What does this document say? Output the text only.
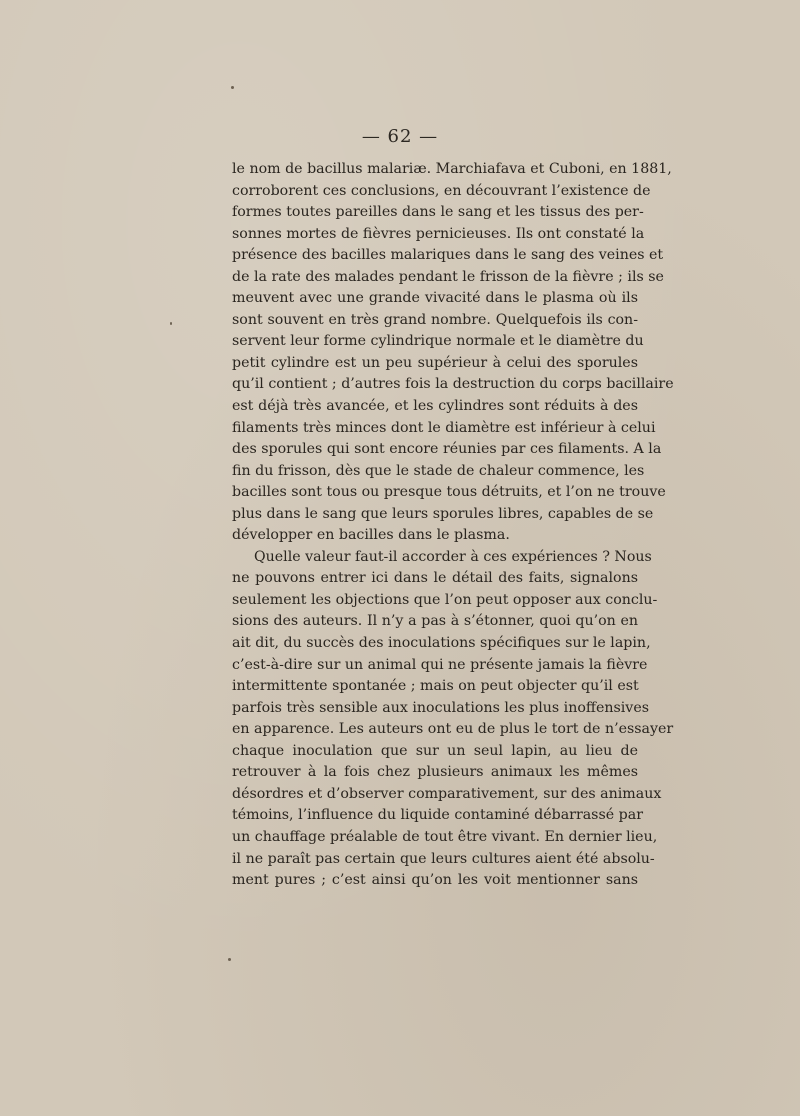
— 62 —
le nom de bacillus malariæ. Marchiafava et Cuboni, en 1881,
corroborent ces conclusions, en découvrant l’existence de
formes toutes pareilles dans le sang et les tissus des per-
sonnes mortes de fièvres pernicieuses. Ils ont constaté la
présence des bacilles malariques dans le sang des veines et
de la rate des malades pendant le frisson de la fièvre ; ils se
meuvent avec une grande vivacité dans le plasma où ils
sont souvent en très grand nombre. Quelquefois ils con-
servent leur forme cylindrique normale et le diamètre du
petit cylindre est un peu supérieur à celui des sporules
qu’il contient ; d’autres fois la destruction du corps bacillaire
est déjà très avancée, et les cylindres sont réduits à des
filaments très minces dont le diamètre est inférieur à celui
des sporules qui sont encore réunies par ces filaments. A la
fin du frisson, dès que le stade de chaleur commence, les
bacilles sont tous ou presque tous détruits, et l’on ne trouve
plus dans le sang que leurs sporules libres, capables de se
développer en bacilles dans le plasma.
Quelle valeur faut-il accorder à ces expériences ? Nous
ne pouvons entrer ici dans le détail des faits, signalons
seulement les objections que l’on peut opposer aux conclu-
sions des auteurs. Il n’y a pas à s’étonner, quoi qu’on en
ait dit, du succès des inoculations spécifiques sur le lapin,
c’est-à-dire sur un animal qui ne présente jamais la fièvre
intermittente spontanée ; mais on peut objecter qu’il est
parfois très sensible aux inoculations les plus inoffensives
en apparence. Les auteurs ont eu de plus le tort de n’essayer
chaque inoculation que sur un seul lapin, au lieu de
retrouver à la fois chez plusieurs animaux les mêmes
désordres et d’observer comparativement, sur des animaux
témoins, l’influence du liquide contaminé débarrassé par
un chauffage préalable de tout être vivant. En dernier lieu,
il ne paraît pas certain que leurs cultures aient été absolu-
ment pures ; c’est ainsi qu’on les voit mentionner sans
